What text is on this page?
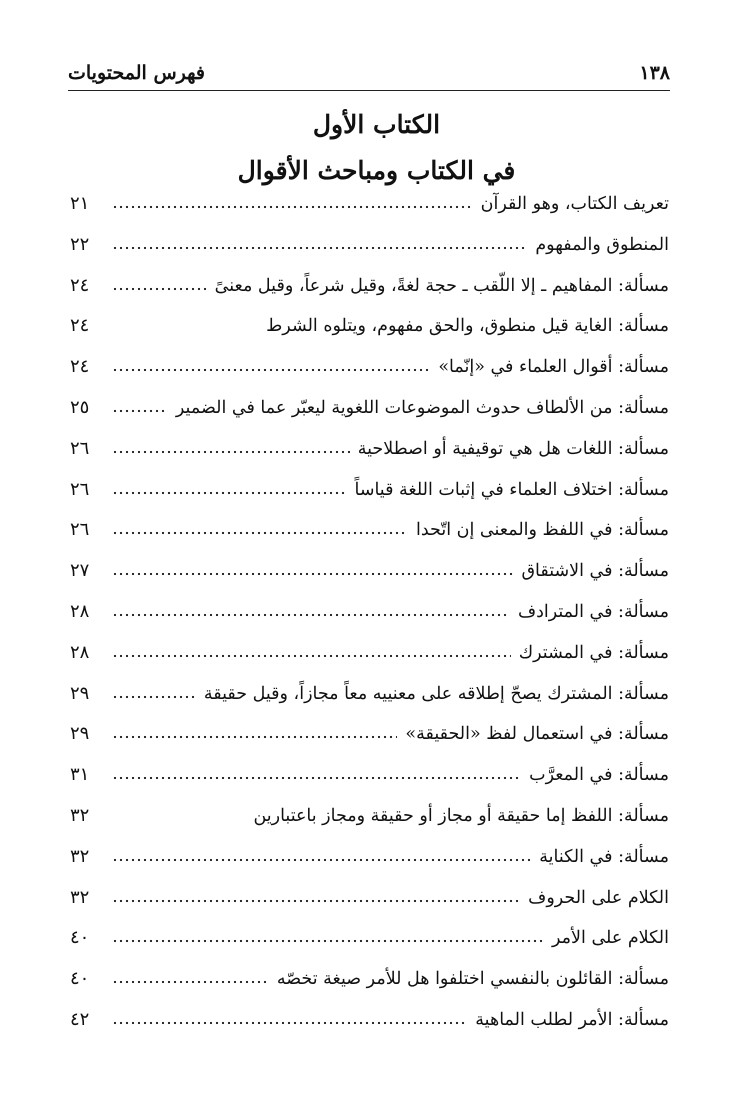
١٣٨
فهرس المحتويات
الكتاب الأول
في الكتاب ومباحث الأقوال
تعريف الكتاب، وهو القرآن
٢١
المنطوق والمفهوم
٢٢
مسألة: المفاهيم ـ إلا اللّقب ـ حجة لغةً، وقيل شرعاً، وقيل معنىً
٢٤
مسألة: الغاية قيل منطوق، والحق مفهوم، ويتلوه الشرط
٢٤
مسألة: أقوال العلماء في «إنّما»
٢٤
مسألة: من الألطاف حدوث الموضوعات اللغوية ليعبّر عما في الضمير
٢٥
مسألة: اللغات هل هي توقيفية أو اصطلاحية
٢٦
مسألة: اختلاف العلماء في إثبات اللغة قياساً
٢٦
مسألة: في اللفظ والمعنى إن اتّحدا
٢٦
مسألة: في الاشتقاق
٢٧
مسألة: في المترادف
٢٨
مسألة: في المشترك
٢٨
مسألة: المشترك يصحّ إطلاقه على معنييه معاً مجازاً، وقيل حقيقة
٢٩
مسألة: في استعمال لفظ «الحقيقة»
٢٩
مسألة: في المعرَّب
٣١
مسألة: اللفظ إما حقيقة أو مجاز أو حقيقة ومجاز باعتبارين
٣٢
مسألة: في الكناية
٣٢
الكلام على الحروف
٣٢
الكلام على الأمر
٤٠
مسألة: القائلون بالنفسي اختلفوا هل للأمر صيغة تخصّه
٤٠
مسألة: الأمر لطلب الماهية
٤٢
